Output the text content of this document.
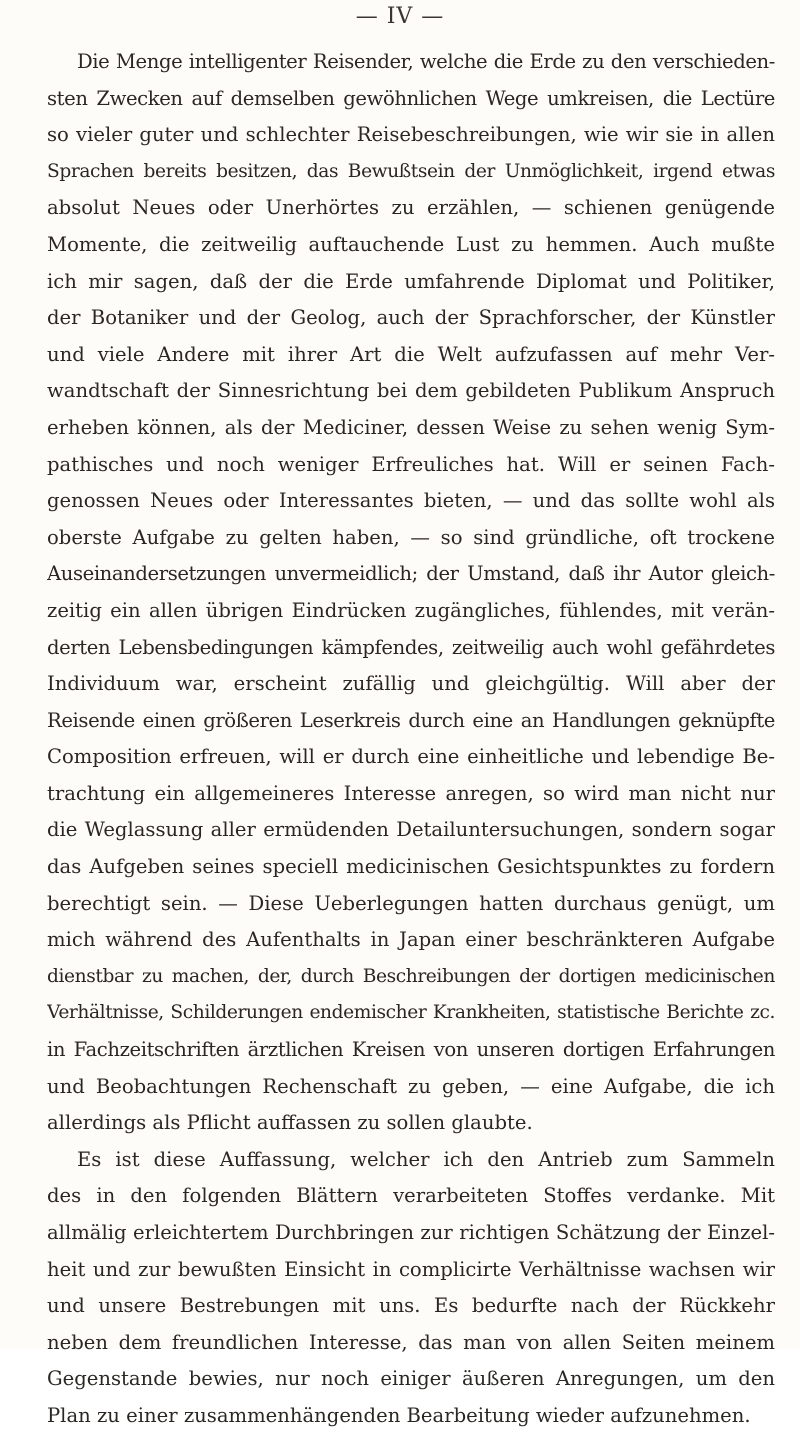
— IV —
Die Menge intelligenter Reisender, welche die Erde zu den verschieden-
sten Zwecken auf demselben gewöhnlichen Wege umkreisen, die Lectüre
so vieler guter und schlechter Reisebeschreibungen, wie wir sie in allen
Sprachen bereits besitzen, das Bewußtsein der Unmöglichkeit, irgend etwas
absolut Neues oder Unerhörtes zu erzählen, — schienen genügende
Momente, die zeitweilig auftauchende Lust zu hemmen. Auch mußte
ich mir sagen, daß der die Erde umfahrende Diplomat und Politiker,
der Botaniker und der Geolog, auch der Sprachforscher, der Künstler
und viele Andere mit ihrer Art die Welt aufzufassen auf mehr Ver-
wandtschaft der Sinnesrichtung bei dem gebildeten Publikum Anspruch
erheben können, als der Mediciner, dessen Weise zu sehen wenig Sym-
pathisches und noch weniger Erfreuliches hat. Will er seinen Fach-
genossen Neues oder Interessantes bieten, — und das sollte wohl als
oberste Aufgabe zu gelten haben, — so sind gründliche, oft trockene
Auseinandersetzungen unvermeidlich; der Umstand, daß ihr Autor gleich-
zeitig ein allen übrigen Eindrücken zugängliches, fühlendes, mit verän-
derten Lebensbedingungen kämpfendes, zeitweilig auch wohl gefährdetes
Individuum war, erscheint zufällig und gleichgültig. Will aber der
Reisende einen größeren Leserkreis durch eine an Handlungen geknüpfte
Composition erfreuen, will er durch eine einheitliche und lebendige Be-
trachtung ein allgemeineres Interesse anregen, so wird man nicht nur
die Weglassung aller ermüdenden Detailuntersuchungen, sondern sogar
das Aufgeben seines speciell medicinischen Gesichtspunktes zu fordern
berechtigt sein. — Diese Ueberlegungen hatten durchaus genügt, um
mich während des Aufenthalts in Japan einer beschränkteren Aufgabe
dienstbar zu machen, der, durch Beschreibungen der dortigen medicinischen
Verhältnisse, Schilderungen endemischer Krankheiten, statistische Berichte zc.
in Fachzeitschriften ärztlichen Kreisen von unseren dortigen Erfahrungen
und Beobachtungen Rechenschaft zu geben, — eine Aufgabe, die ich
allerdings als Pflicht auffassen zu sollen glaubte.
Es ist diese Auffassung, welcher ich den Antrieb zum Sammeln
des in den folgenden Blättern verarbeiteten Stoffes verdanke. Mit
allmälig erleichtertem Durchbringen zur richtigen Schätzung der Einzel-
heit und zur bewußten Einsicht in complicirte Verhältnisse wachsen wir
und unsere Bestrebungen mit uns. Es bedurfte nach der Rückkehr
neben dem freundlichen Interesse, das man von allen Seiten meinem
Gegenstande bewies, nur noch einiger äußeren Anregungen, um den
Plan zu einer zusammenhängenden Bearbeitung wieder aufzunehmen.
